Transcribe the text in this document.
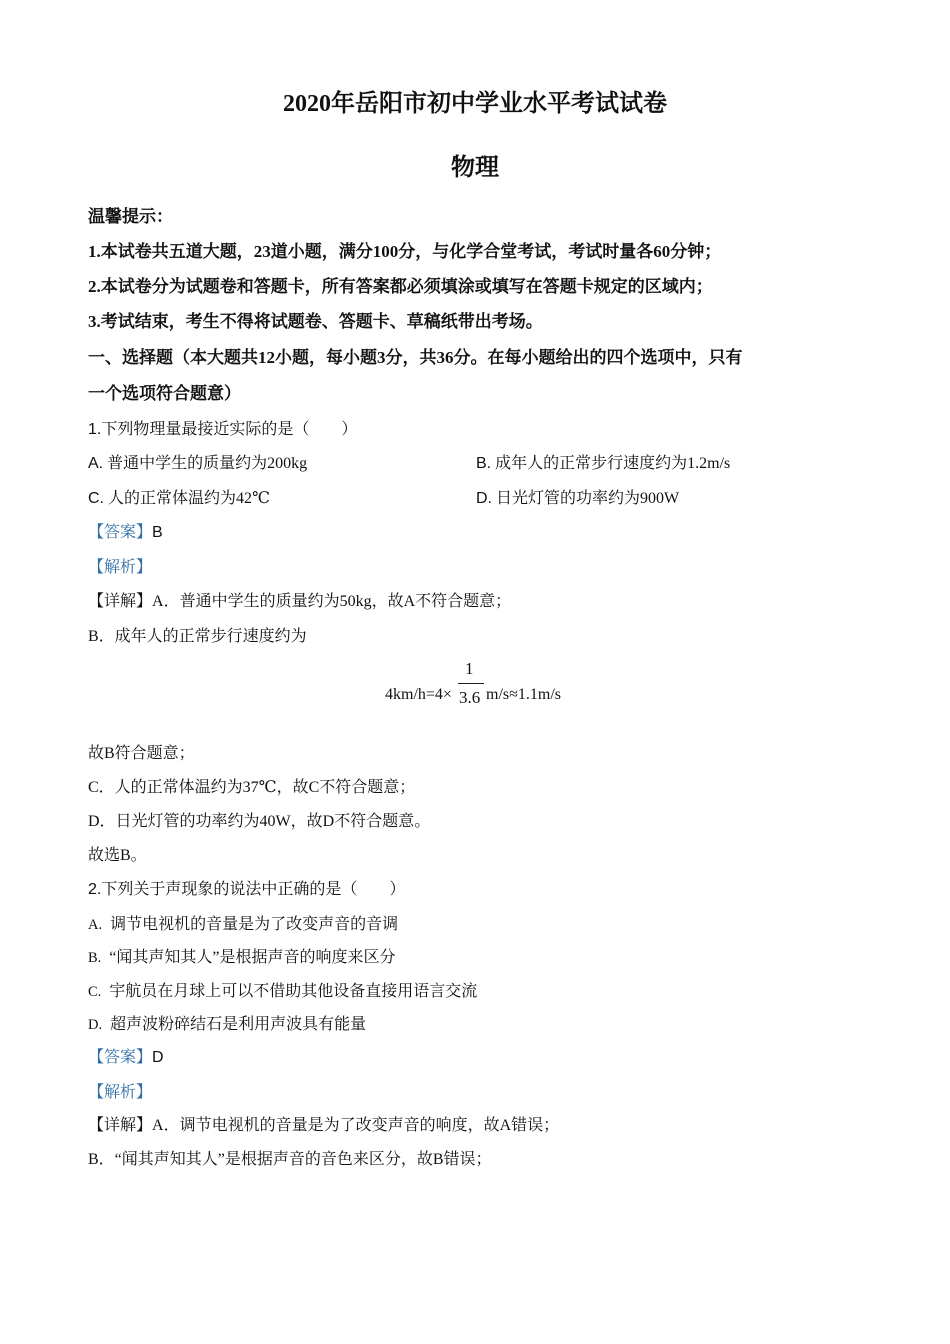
2020年岳阳市初中学业水平考试试卷
物理
温馨提示：
1.本试卷共五道大题，23道小题，满分100分，与化学合堂考试，考试时量各60分钟；
2.本试卷分为试题卷和答题卡，所有答案都必须填涂或填写在答题卡规定的区域内；
3.考试结束，考生不得将试题卷、答题卡、草稿纸带出考场。
一、选择题（本大题共12小题，每小题3分，共36分。在每小题给出的四个选项中，只有
一个选项符合题意）
1.下列物理量最接近实际的是（　　）
A. 普通中学生的质量约为200kg	B. 成年人的正常步行速度约为1.2m/s
C. 人的正常体温约为42℃	D. 日光灯管的功率约为900W
【答案】B
【解析】
【详解】A．普通中学生的质量约为50kg，故A不符合题意；
B．成年人的正常步行速度约为
4km/h=4×
1
3.6 m/s≈1.1m/s
故B符合题意；
C．人的正常体温约为37℃，故C不符合题意；
D．日光灯管的功率约为40W，故D不符合题意。
故选B。
2.下列关于声现象的说法中正确的是（　　）
A. 调节电视机的音量是为了改变声音的音调
B. “闻其声知其人”是根据声音的响度来区分
C. 宇航员在月球上可以不借助其他设备直接用语言交流
D. 超声波粉碎结石是利用声波具有能量
【答案】D
【解析】
【详解】A．调节电视机的音量是为了改变声音的响度，故A错误；
B．“闻其声知其人”是根据声音的音色来区分，故B错误；
